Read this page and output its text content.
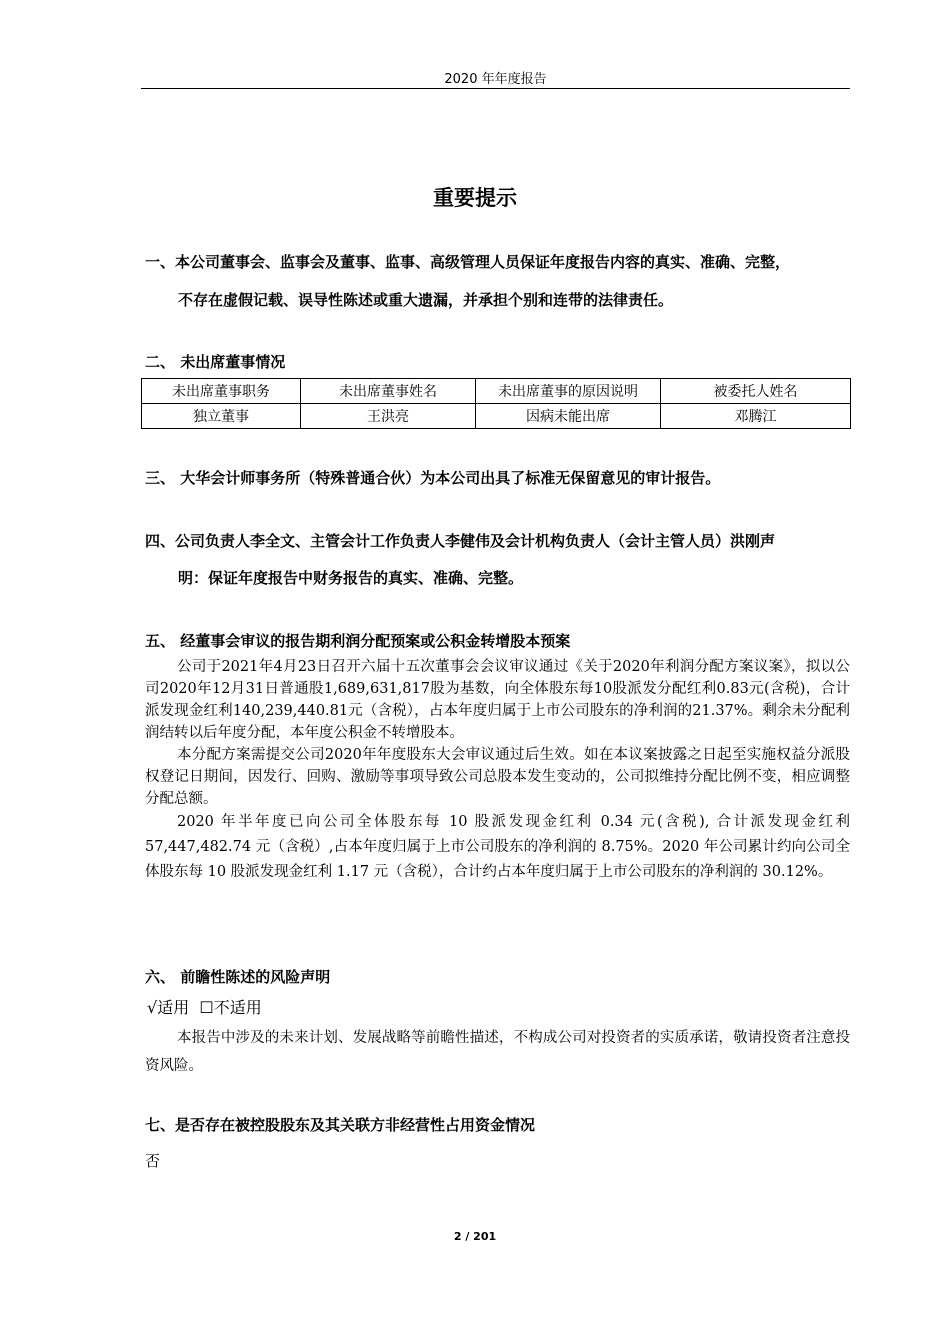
2020 年年度报告
重要提示
一、本公司董事会、监事会及董事、监事、高级管理人员保证年度报告内容的真实、准确、完整，
不存在虚假记载、误导性陈述或重大遗漏，并承担个别和连带的法律责任。
二、 未出席董事情况
未出席董事职务	未出席董事姓名	未出席董事的原因说明	被委托人姓名
独立董事	王洪亮	因病未能出席	邓腾江
三、 大华会计师事务所（特殊普通合伙）为本公司出具了标准无保留意见的审计报告。
四、公司负责人李全文、主管会计工作负责人李健伟及会计机构负责人（会计主管人员）洪刚声
明：保证年度报告中财务报告的真实、准确、完整。
五、 经董事会审议的报告期利润分配预案或公积金转增股本预案
公司于2021年4月23日召开六届十五次董事会会议审议通过《关于2020年利润分配方案议案》，拟以公司2020年12月31日普通股1,689,631,817股为基数，向全体股东每10股派发分配红利0.83元(含税)，合计派发现金红利140,239,440.81元（含税），占本年度归属于上市公司股东的净利润的21.37%。剩余未分配利润结转以后年度分配，本年度公积金不转增股本。
本分配方案需提交公司2020年年度股东大会审议通过后生效。如在本议案披露之日起至实施权益分派股权登记日期间，因发行、回购、激励等事项导致公司总股本发生变动的，公司拟维持分配比例不变，相应调整分配总额。
2020 年半年度已向公司全体股东每 10 股派发现金红利 0.34 元(含税), 合计派发现金红利57,447,482.74 元（含税）,占本年度归属于上市公司股东的净利润的 8.75%。2020 年公司累计约向公司全体股东每 10 股派发现金红利 1.17 元（含税），合计约占本年度归属于上市公司股东的净利润的 30.12%。
六、 前瞻性陈述的风险声明
√适用 ☐不适用
本报告中涉及的未来计划、发展战略等前瞻性描述，不构成公司对投资者的实质承诺，敬请投资者注意投资风险。
七、是否存在被控股股东及其关联方非经营性占用资金情况
否
2 / 201
